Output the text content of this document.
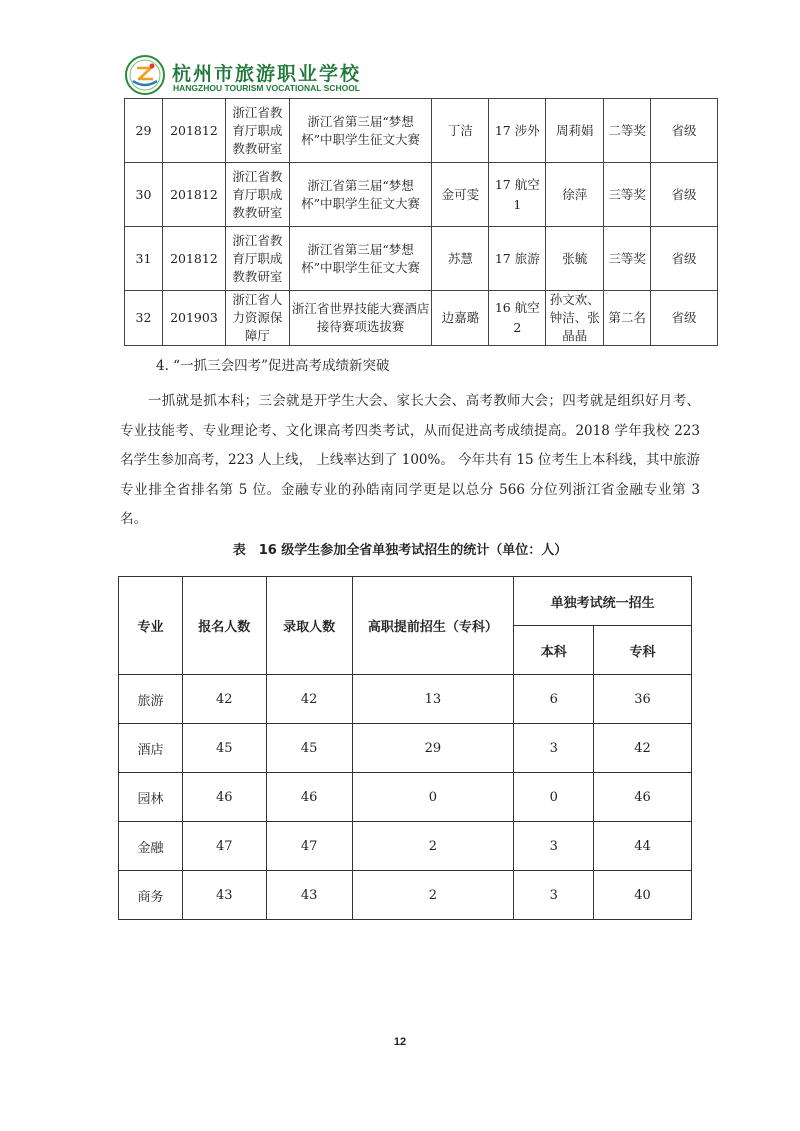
杭州市旅游职业学校
HANGZHOU TOURISM VOCATIONAL SCHOOL
29	201812	浙江省教育厅职成教教研室	浙江省第三届“梦想杯”中职学生征文大赛	丁洁	17 涉外	周莉娟	二等奖	省级
30	201812	浙江省教育厅职成教教研室	浙江省第三届“梦想杯”中职学生征文大赛	金可雯	17 航空 1	徐萍	三等奖	省级
31	201812	浙江省教育厅职成教教研室	浙江省第三届“梦想杯”中职学生征文大赛	苏慧	17 旅游	张毓	三等奖	省级
32	201903	浙江省人力资源保障厅	浙江省世界技能大赛酒店接待赛项选拔赛	边嘉璐	16 航空 2	孙文欢、钟洁、张晶晶	第二名	省级
4. “一抓三会四考”促进高考成绩新突破

一抓就是抓本科；三会就是开学生大会、家长大会、高考教师大会；四考就是组织好月考、专业技能考、专业理论考、文化课高考四类考试，从而促进高考成绩提高。2018 学年我校 223 名学生参加高考，223 人上线， 上线率达到了 100%。 今年共有 15 位考生上本科线，其中旅游专业排全省排名第 5 位。金融专业的孙皓南同学更是以总分 566 分位列浙江省金融专业第 3 名。

表　16 级学生参加全省单独考试招生的统计（单位：人）
专业	报名人数	录取人数	高职提前招生（专科）	单独考试统一招生	
				本科	专科
旅游	42	42	13	6	36
酒店	45	45	29	3	42
园林	46	46	0	0	46
金融	47	47	2	3	44
商务	43	43	2	3	40
12
